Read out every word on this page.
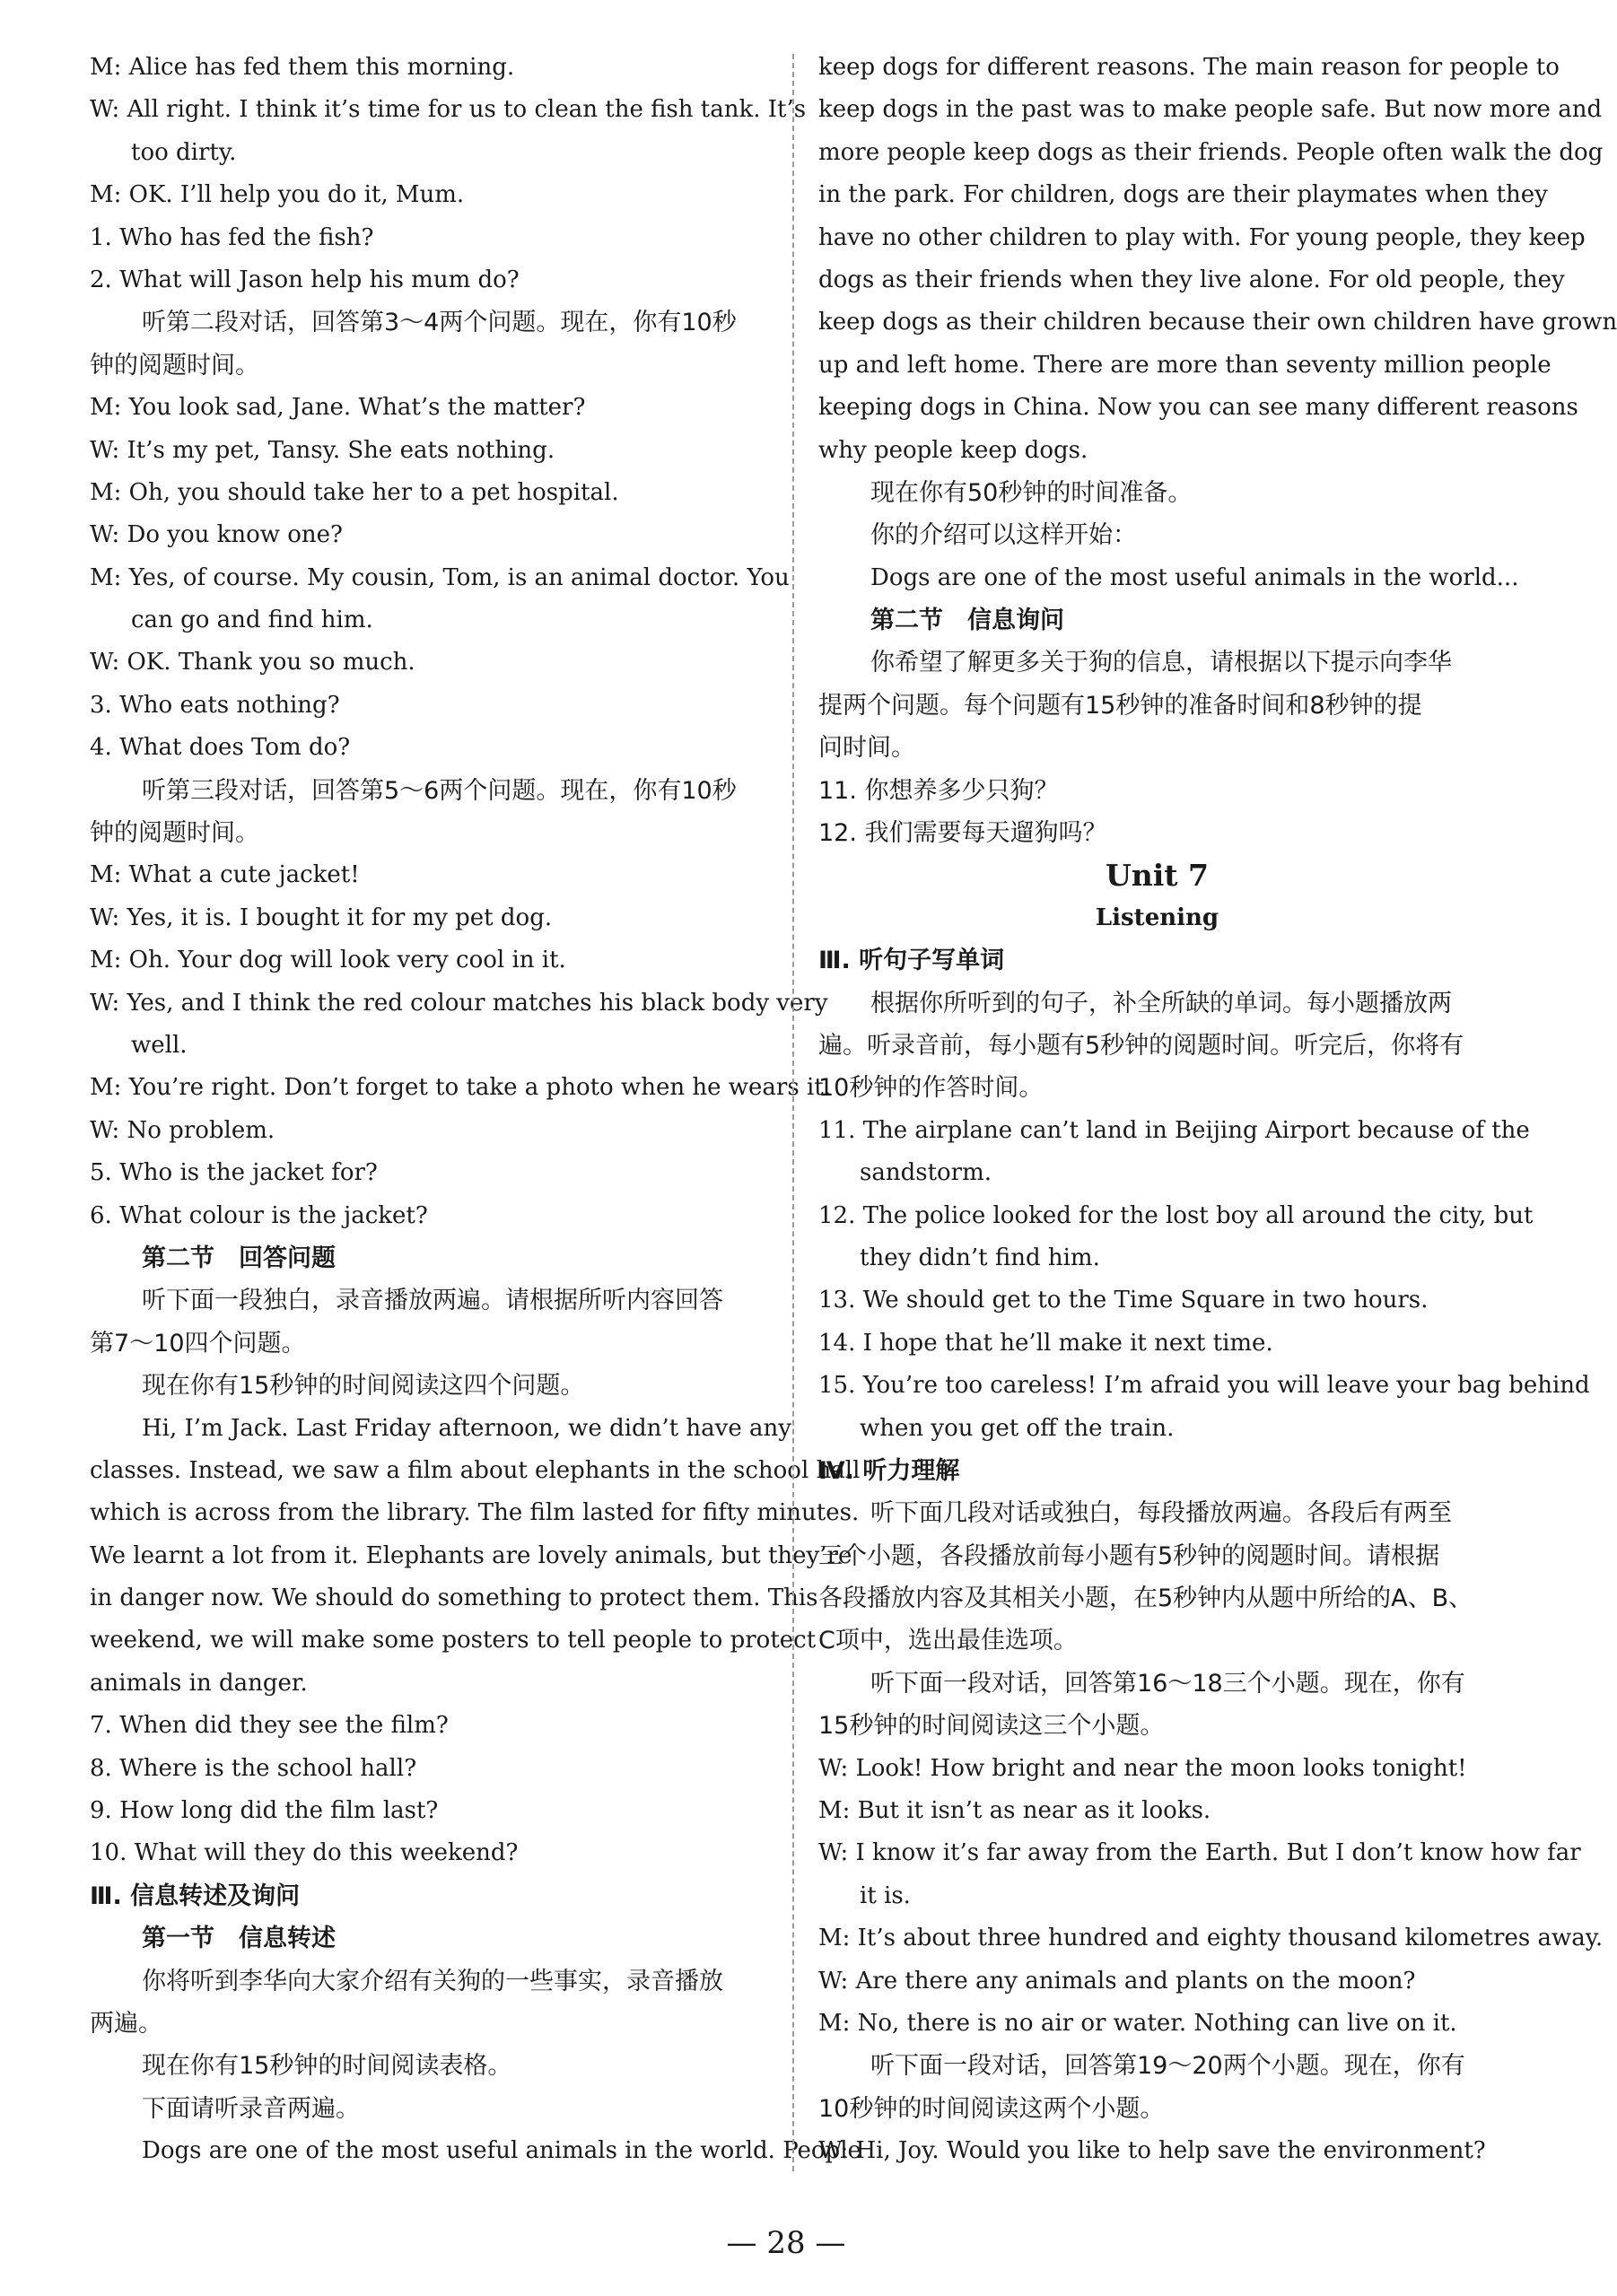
M: Alice has fed them this morning.
W: All right. I think it’s time for us to clean the fish tank. It’s
too dirty.
M: OK. I’ll help you do it, Mum.
1. Who has fed the fish?
2. What will Jason help his mum do?
听第二段对话，回答第3～4两个问题。现在，你有10秒
钟的阅题时间。
M: You look sad, Jane. What’s the matter?
W: It’s my pet, Tansy. She eats nothing.
M: Oh, you should take her to a pet hospital.
W: Do you know one?
M: Yes, of course. My cousin, Tom, is an animal doctor. You
can go and find him.
W: OK. Thank you so much.
3. Who eats nothing?
4. What does Tom do?
听第三段对话，回答第5～6两个问题。现在，你有10秒
钟的阅题时间。
M: What a cute jacket!
W: Yes, it is. I bought it for my pet dog.
M: Oh. Your dog will look very cool in it.
W: Yes, and I think the red colour matches his black body very
well.
M: You’re right. Don’t forget to take a photo when he wears it.
W: No problem.
5. Who is the jacket for?
6. What colour is the jacket?
第二节　回答问题
听下面一段独白，录音播放两遍。请根据所听内容回答
第7～10四个问题。
现在你有15秒钟的时间阅读这四个问题。
Hi, I’m Jack. Last Friday afternoon, we didn’t have any
classes. Instead, we saw a film about elephants in the school hall
which is across from the library. The film lasted for fifty minutes.
We learnt a lot from it. Elephants are lovely animals, but they’re
in danger now. We should do something to protect them. This
weekend, we will make some posters to tell people to protect
animals in danger.
7. When did they see the film?
8. Where is the school hall?
9. How long did the film last?
10. What will they do this weekend?
Ⅲ. 信息转述及询问
第一节　信息转述
你将听到李华向大家介绍有关狗的一些事实，录音播放
两遍。
现在你有15秒钟的时间阅读表格。
下面请听录音两遍。
Dogs are one of the most useful animals in the world. People
keep dogs for different reasons. The main reason for people to
keep dogs in the past was to make people safe. But now more and
more people keep dogs as their friends. People often walk the dog
in the park. For children, dogs are their playmates when they
have no other children to play with. For young people, they keep
dogs as their friends when they live alone. For old people, they
keep dogs as their children because their own children have grown
up and left home. There are more than seventy million people
keeping dogs in China. Now you can see many different reasons
why people keep dogs.
现在你有50秒钟的时间准备。
你的介绍可以这样开始：
Dogs are one of the most useful animals in the world...
第二节　信息询问
你希望了解更多关于狗的信息，请根据以下提示向李华
提两个问题。每个问题有15秒钟的准备时间和8秒钟的提
问时间。
11. 你想养多少只狗？
12. 我们需要每天遛狗吗？
Unit 7
Listening
Ⅲ. 听句子写单词
根据你所听到的句子，补全所缺的单词。每小题播放两
遍。听录音前，每小题有5秒钟的阅题时间。听完后，你将有
10秒钟的作答时间。
11. The airplane can’t land in Beijing Airport because of the
sandstorm.
12. The police looked for the lost boy all around the city, but
they didn’t find him.
13. We should get to the Time Square in two hours.
14. I hope that he’ll make it next time.
15. You’re too careless! I’m afraid you will leave your bag behind
when you get off the train.
Ⅳ. 听力理解
听下面几段对话或独白，每段播放两遍。各段后有两至
三个小题，各段播放前每小题有5秒钟的阅题时间。请根据
各段播放内容及其相关小题，在5秒钟内从题中所给的A、B、
C项中，选出最佳选项。
听下面一段对话，回答第16～18三个小题。现在，你有
15秒钟的时间阅读这三个小题。
W: Look! How bright and near the moon looks tonight!
M: But it isn’t as near as it looks.
W: I know it’s far away from the Earth. But I don’t know how far
it is.
M: It’s about three hundred and eighty thousand kilometres away.
W: Are there any animals and plants on the moon?
M: No, there is no air or water. Nothing can live on it.
听下面一段对话，回答第19～20两个小题。现在，你有
10秒钟的时间阅读这两个小题。
W: Hi, Joy. Would you like to help save the environment?
— 28 —
